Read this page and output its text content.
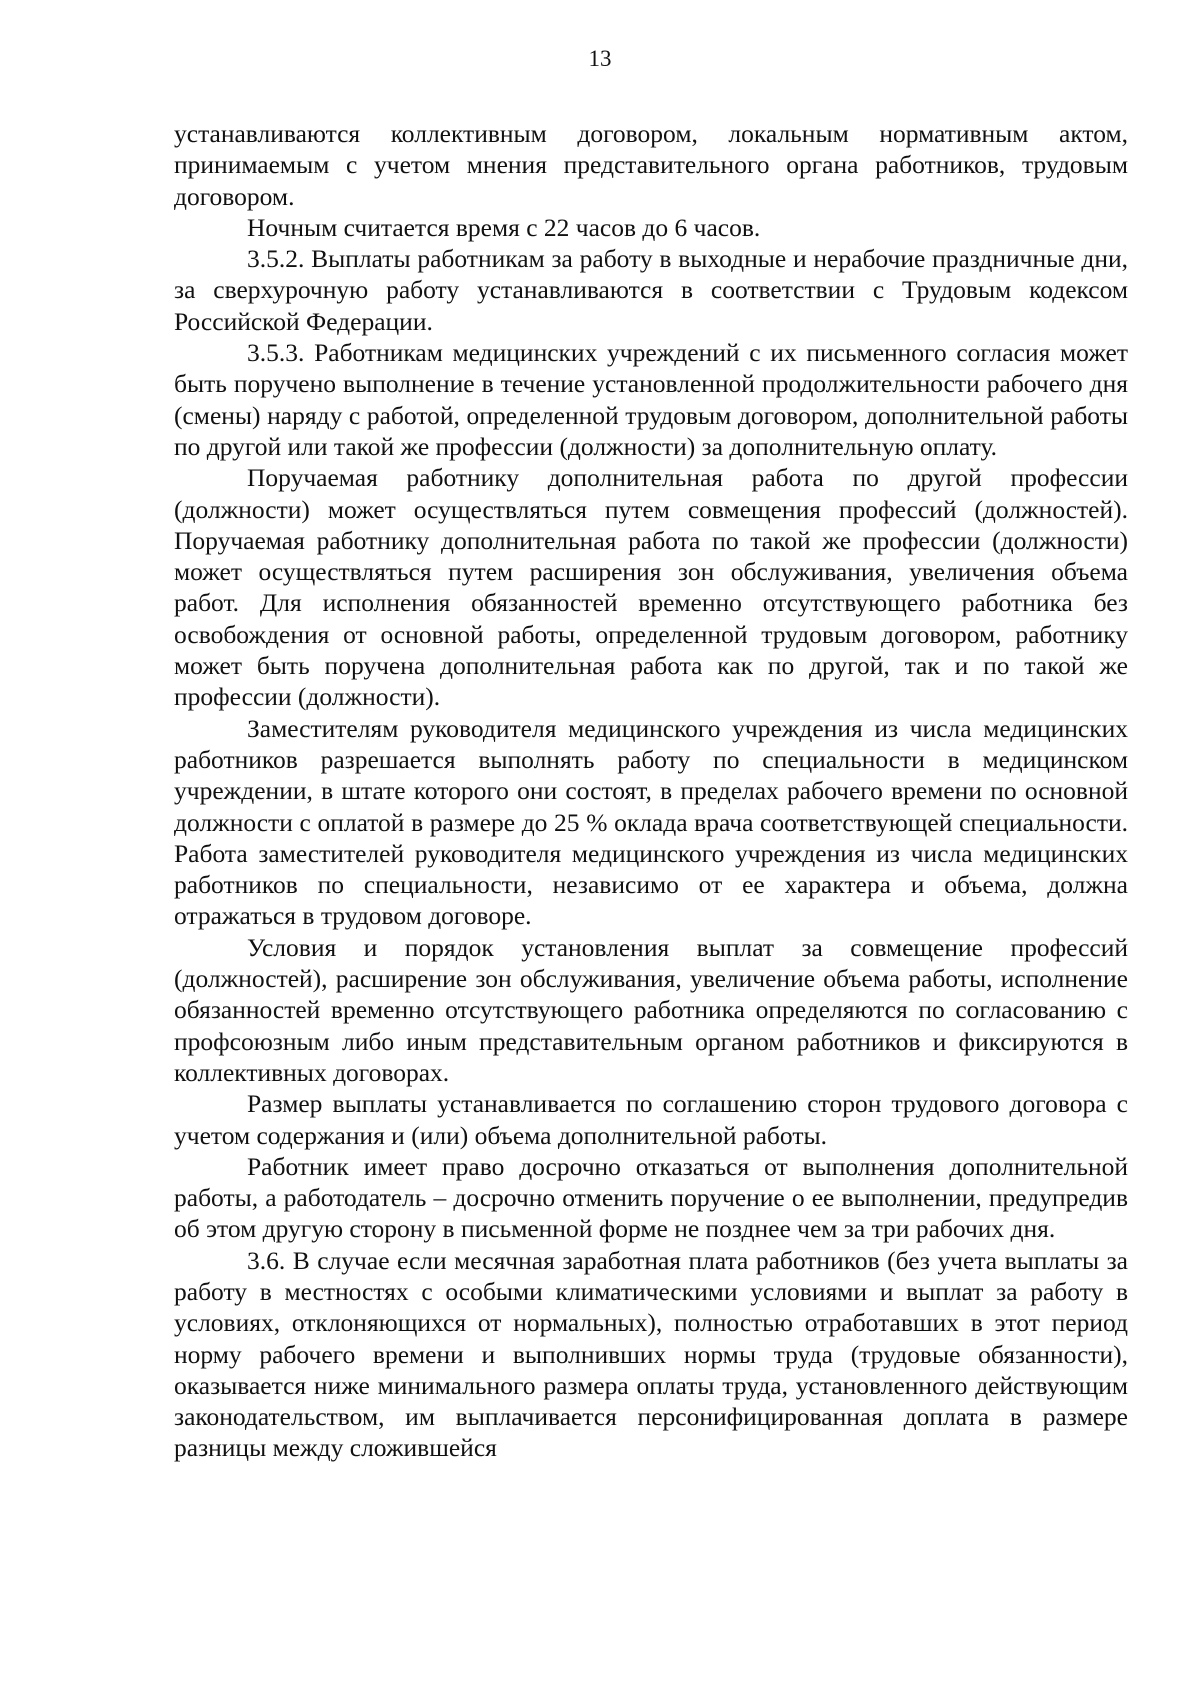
13

устанавливаются коллективным договором, локальным нормативным актом, принимаемым с учетом мнения представительного органа работников, трудовым договором.

Ночным считается время с 22 часов до 6 часов.

3.5.2. Выплаты работникам за работу в выходные и нерабочие праздничные дни, за сверхурочную работу устанавливаются в соответствии с Трудовым кодексом Российской Федерации.

3.5.3. Работникам медицинских учреждений с их письменного согласия может быть поручено выполнение в течение установленной продолжительности рабочего дня (смены) наряду с работой, определенной трудовым договором, дополнительной работы по другой или такой же профессии (должности) за дополнительную оплату.

Поручаемая работнику дополнительная работа по другой профессии (должности) может осуществляться путем совмещения профессий (должностей). Поручаемая работнику дополнительная работа по такой же профессии (должности) может осуществляться путем расширения зон обслуживания, увеличения объема работ. Для исполнения обязанностей временно отсутствующего работника без освобождения от основной работы, определенной трудовым договором, работнику может быть поручена дополнительная работа как по другой, так и по такой же профессии (должности).

Заместителям руководителя медицинского учреждения из числа медицинских работников разрешается выполнять работу по специальности в медицинском учреждении, в штате которого они состоят, в пределах рабочего времени по основной должности с оплатой в размере до 25 % оклада врача соответствующей специальности. Работа заместителей руководителя медицинского учреждения из числа медицинских работников по специальности, независимо от ее характера и объема, должна отражаться в трудовом договоре.

Условия и порядок установления выплат за совмещение профессий (должностей), расширение зон обслуживания, увеличение объема работы, исполнение обязанностей временно отсутствующего работника определяются по согласованию с профсоюзным либо иным представительным органом работников и фиксируются в коллективных договорах.

Размер выплаты устанавливается по соглашению сторон трудового договора с учетом содержания и (или) объема дополнительной работы.

Работник имеет право досрочно отказаться от выполнения дополнительной работы, а работодатель – досрочно отменить поручение о ее выполнении, предупредив об этом другую сторону в письменной форме не позднее чем за три рабочих дня.

3.6. В случае если месячная заработная плата работников (без учета выплаты за работу в местностях с особыми климатическими условиями и выплат за работу в условиях, отклоняющихся от нормальных), полностью отработавших в этот период норму рабочего времени и выполнивших нормы труда (трудовые обязанности), оказывается ниже минимального размера оплаты труда, установленного действующим законодательством, им выплачивается персонифицированная доплата в размере разницы между сложившейся
